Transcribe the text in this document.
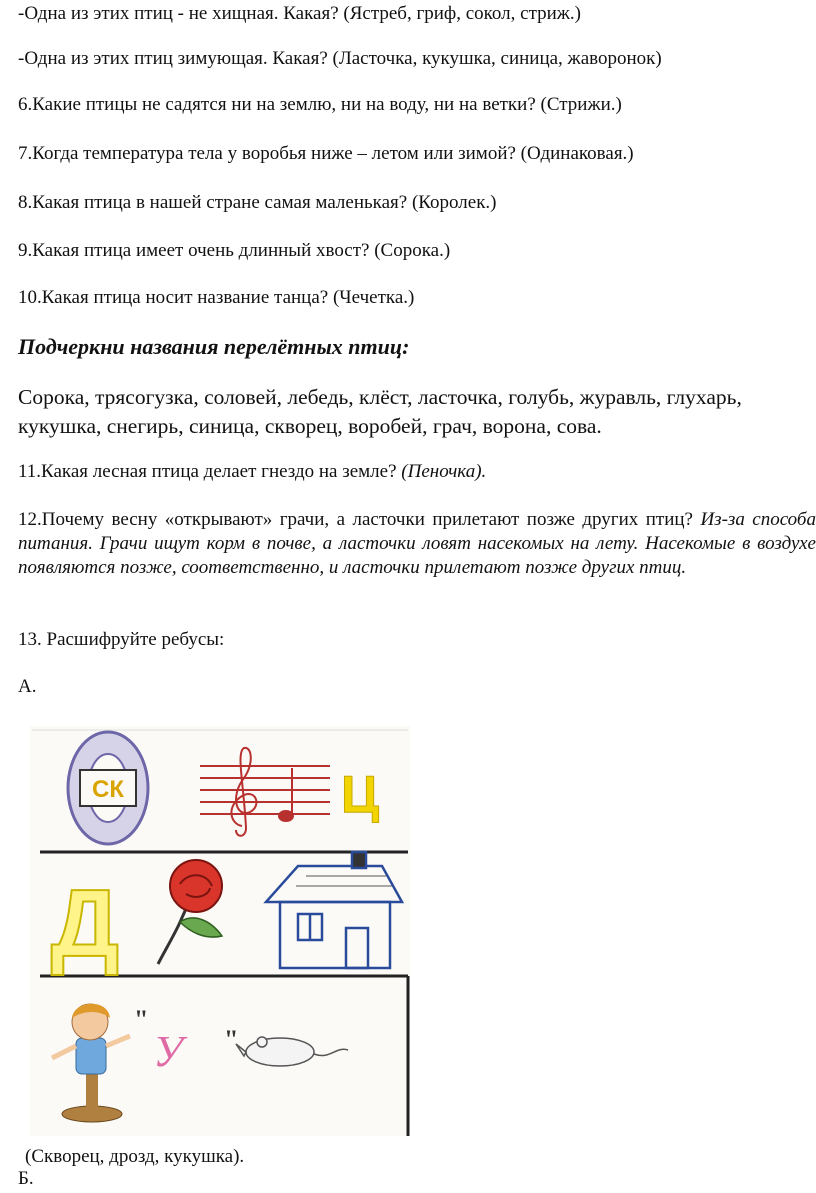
-Одна из этих птиц - не хищная. Какая? (Ястреб, гриф, сокол, стриж.)
-Одна из этих птиц зимующая. Какая? (Ласточка, кукушка, синица, жаворонок)
6.Какие птицы не садятся ни на землю, ни на воду, ни на ветки? (Стрижи.)
7.Когда температура тела у воробья ниже – летом или зимой? (Одинаковая.)
8.Какая птица в нашей стране самая маленькая? (Королек.)
9.Какая птица имеет очень длинный хвост? (Сорока.)
10.Какая птица носит название танца? (Чечетка.)
Подчеркни названия перелётных птиц:
Сорока, трясогузка, соловей, лебедь, клёст, ласточка, голубь, журавль, глухарь, кукушка, снегирь, синица, скворец, воробей, грач, ворона, сова.
11.Какая лесная птица делает гнездо на земле? (Пеночка).
12.Почему весну «открывают» грачи, а ласточки прилетают позже других птиц? Из-за способа питания. Грачи ищут корм в почве, а ласточки ловят насекомых на лету. Насекомые в воздухе появляются позже, соответственно, и ласточки прилетают позже других птиц.
13. Расшифруйте ребусы:
А.
СК	Ц
Д
"
У "
(Скворец, дрозд, кукушка).
Б.
